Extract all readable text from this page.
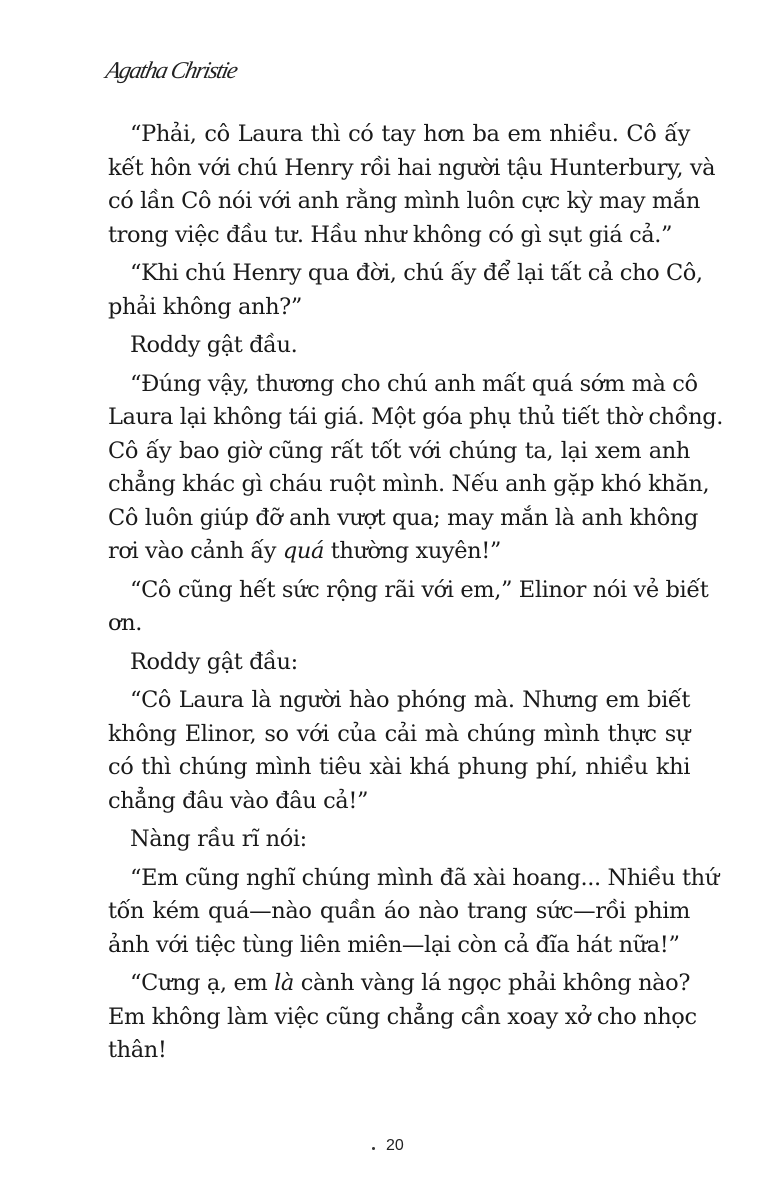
Agatha Christie
“Phải, cô Laura thì có tay hơn ba em nhiều. Cô ấy
kết hôn với chú Henry rồi hai người tậu Hunterbury, và
có lần Cô nói với anh rằng mình luôn cực kỳ may mắn
trong việc đầu tư. Hầu như không có gì sụt giá cả.”
“Khi chú Henry qua đời, chú ấy để lại tất cả cho Cô,
phải không anh?”
Roddy gật đầu.
“Đúng vậy, thương cho chú anh mất quá sớm mà cô
Laura lại không tái giá. Một góa phụ thủ tiết thờ chồng.
Cô ấy bao giờ cũng rất tốt với chúng ta, lại xem anh
chẳng khác gì cháu ruột mình. Nếu anh gặp khó khăn,
Cô luôn giúp đỡ anh vượt qua; may mắn là anh không
rơi vào cảnh ấy quá thường xuyên!”
“Cô cũng hết sức rộng rãi với em,” Elinor nói vẻ biết
ơn.
Roddy gật đầu:
“Cô Laura là người hào phóng mà. Nhưng em biết
không Elinor, so với của cải mà chúng mình thực sự
có thì chúng mình tiêu xài khá phung phí, nhiều khi
chẳng đâu vào đâu cả!”
Nàng rầu rĩ nói:
“Em cũng nghĩ chúng mình đã xài hoang... Nhiều thứ
tốn kém quá—nào quần áo nào trang sức—rồi phim
ảnh với tiệc tùng liên miên—lại còn cả đĩa hát nữa!”
“Cưng ạ, em là cành vàng lá ngọc phải không nào?
Em không làm việc cũng chẳng cần xoay xở cho nhọc
thân!
20
